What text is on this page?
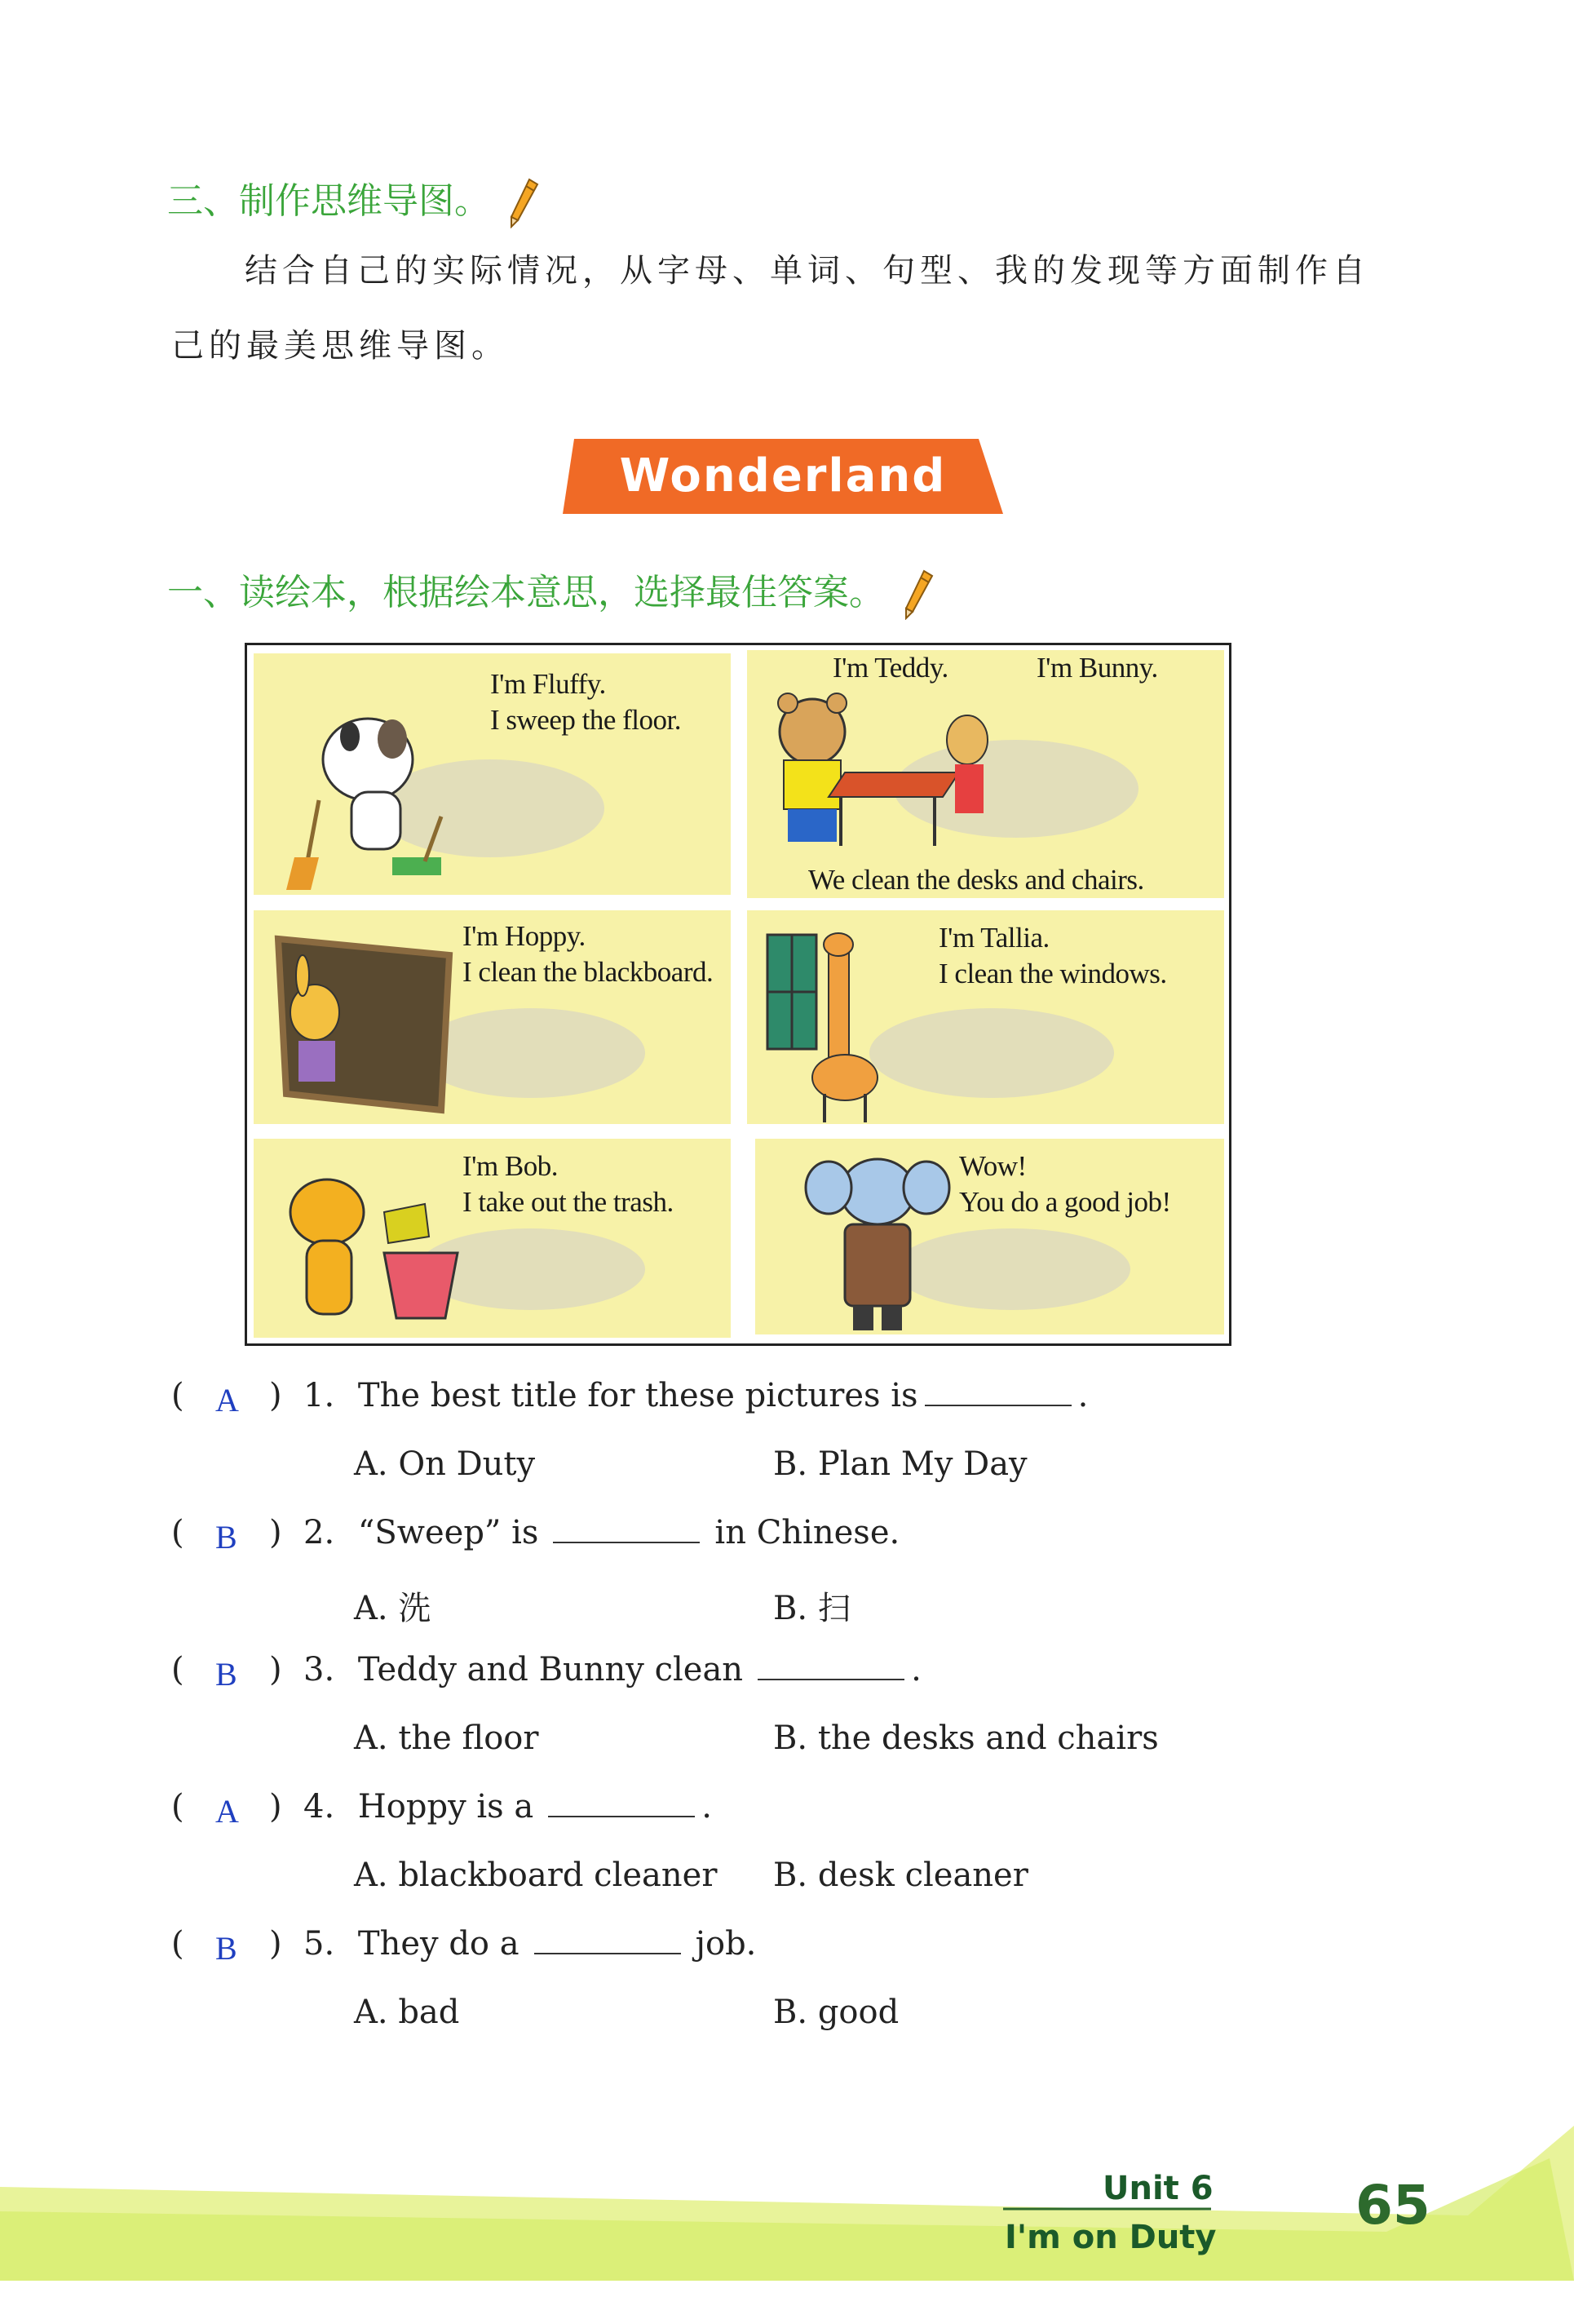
三、制作思维导图。
结合自己的实际情况，从字母、单词、句型、我的发现等方面制作自
己的最美思维导图。
Wonderland
一、读绘本，根据绘本意思，选择最佳答案。
I'm Fluffy.
I sweep the floor.
I'm Teddy.	I'm Bunny.
We clean the desks and chairs.
I'm Hoppy.
I clean the blackboard.
I'm Tallia.
I clean the windows.
I'm Bob.
I take out the trash.
Wow!
You do a good job!
( A ) 1. The best title for these pictures is	.
A. On Duty	B. Plan My Day
( B ) 2. “Sweep” is	in Chinese.
A. 洗	B. 扫
( B ) 3. Teddy and Bunny clean	.
A. the floor	B. the desks and chairs
( A ) 4. Hoppy is a	.
A. blackboard cleaner B. desk cleaner
( B ) 5. They do a	job.
A. bad	B. good
Unit 6
I'm on Duty
65
